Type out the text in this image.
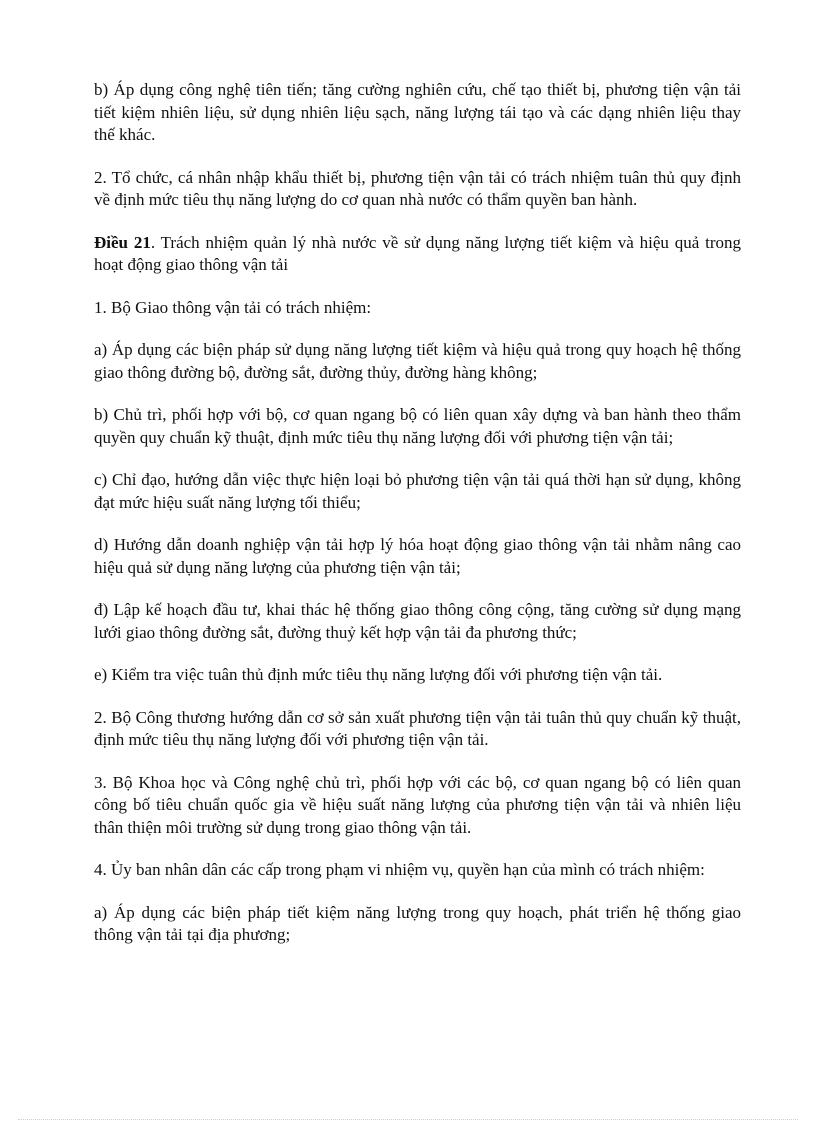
b) Áp dụng công nghệ tiên tiến; tăng cường nghiên cứu, chế tạo thiết bị, phương tiện vận tải tiết kiệm nhiên liệu, sử dụng nhiên liệu sạch, năng lượng tái tạo và các dạng nhiên liệu thay thế khác.

2. Tổ chức, cá nhân nhập khẩu thiết bị, phương tiện vận tải có trách nhiệm tuân thủ quy định về định mức tiêu thụ năng lượng do cơ quan nhà nước có thẩm quyền ban hành.

Điều 21. Trách nhiệm quản lý nhà nước về sử dụng năng lượng tiết kiệm và hiệu quả trong hoạt động giao thông vận tải

1. Bộ Giao thông vận tải có trách nhiệm:

a) Áp dụng các biện pháp sử dụng năng lượng tiết kiệm và hiệu quả trong quy hoạch hệ thống giao thông đường bộ, đường sắt, đường thủy, đường hàng không;

b) Chủ trì, phối hợp với bộ, cơ quan ngang bộ có liên quan xây dựng và ban hành theo thẩm quyền quy chuẩn kỹ thuật, định mức tiêu thụ năng lượng đối với phương tiện vận tải;

c) Chỉ đạo, hướng dẫn việc thực hiện loại bỏ phương tiện vận tải quá thời hạn sử dụng, không đạt mức hiệu suất năng lượng tối thiểu;

d) Hướng dẫn doanh nghiệp vận tải hợp lý hóa hoạt động giao thông vận tải nhằm nâng cao hiệu quả sử dụng năng lượng của phương tiện vận tải;

đ) Lập kế hoạch đầu tư, khai thác hệ thống giao thông công cộng, tăng cường sử dụng mạng lưới giao thông đường sắt, đường thuỷ kết hợp vận tải đa phương thức;

e) Kiểm tra việc tuân thủ định mức tiêu thụ năng lượng đối với phương tiện vận tải.

2. Bộ Công thương hướng dẫn cơ sở sản xuất phương tiện vận tải tuân thủ quy chuẩn kỹ thuật, định mức tiêu thụ năng lượng đối với phương tiện vận tải.

3. Bộ Khoa học và Công nghệ chủ trì, phối hợp với các bộ, cơ quan ngang bộ có liên quan công bố tiêu chuẩn quốc gia về hiệu suất năng lượng của phương tiện vận tải và nhiên liệu thân thiện môi trường sử dụng trong giao thông vận tải.

4. Ủy ban nhân dân các cấp trong phạm vi nhiệm vụ, quyền hạn của mình có trách nhiệm:

a) Áp dụng các biện pháp tiết kiệm năng lượng trong quy hoạch, phát triển hệ thống giao thông vận tải tại địa phương;
